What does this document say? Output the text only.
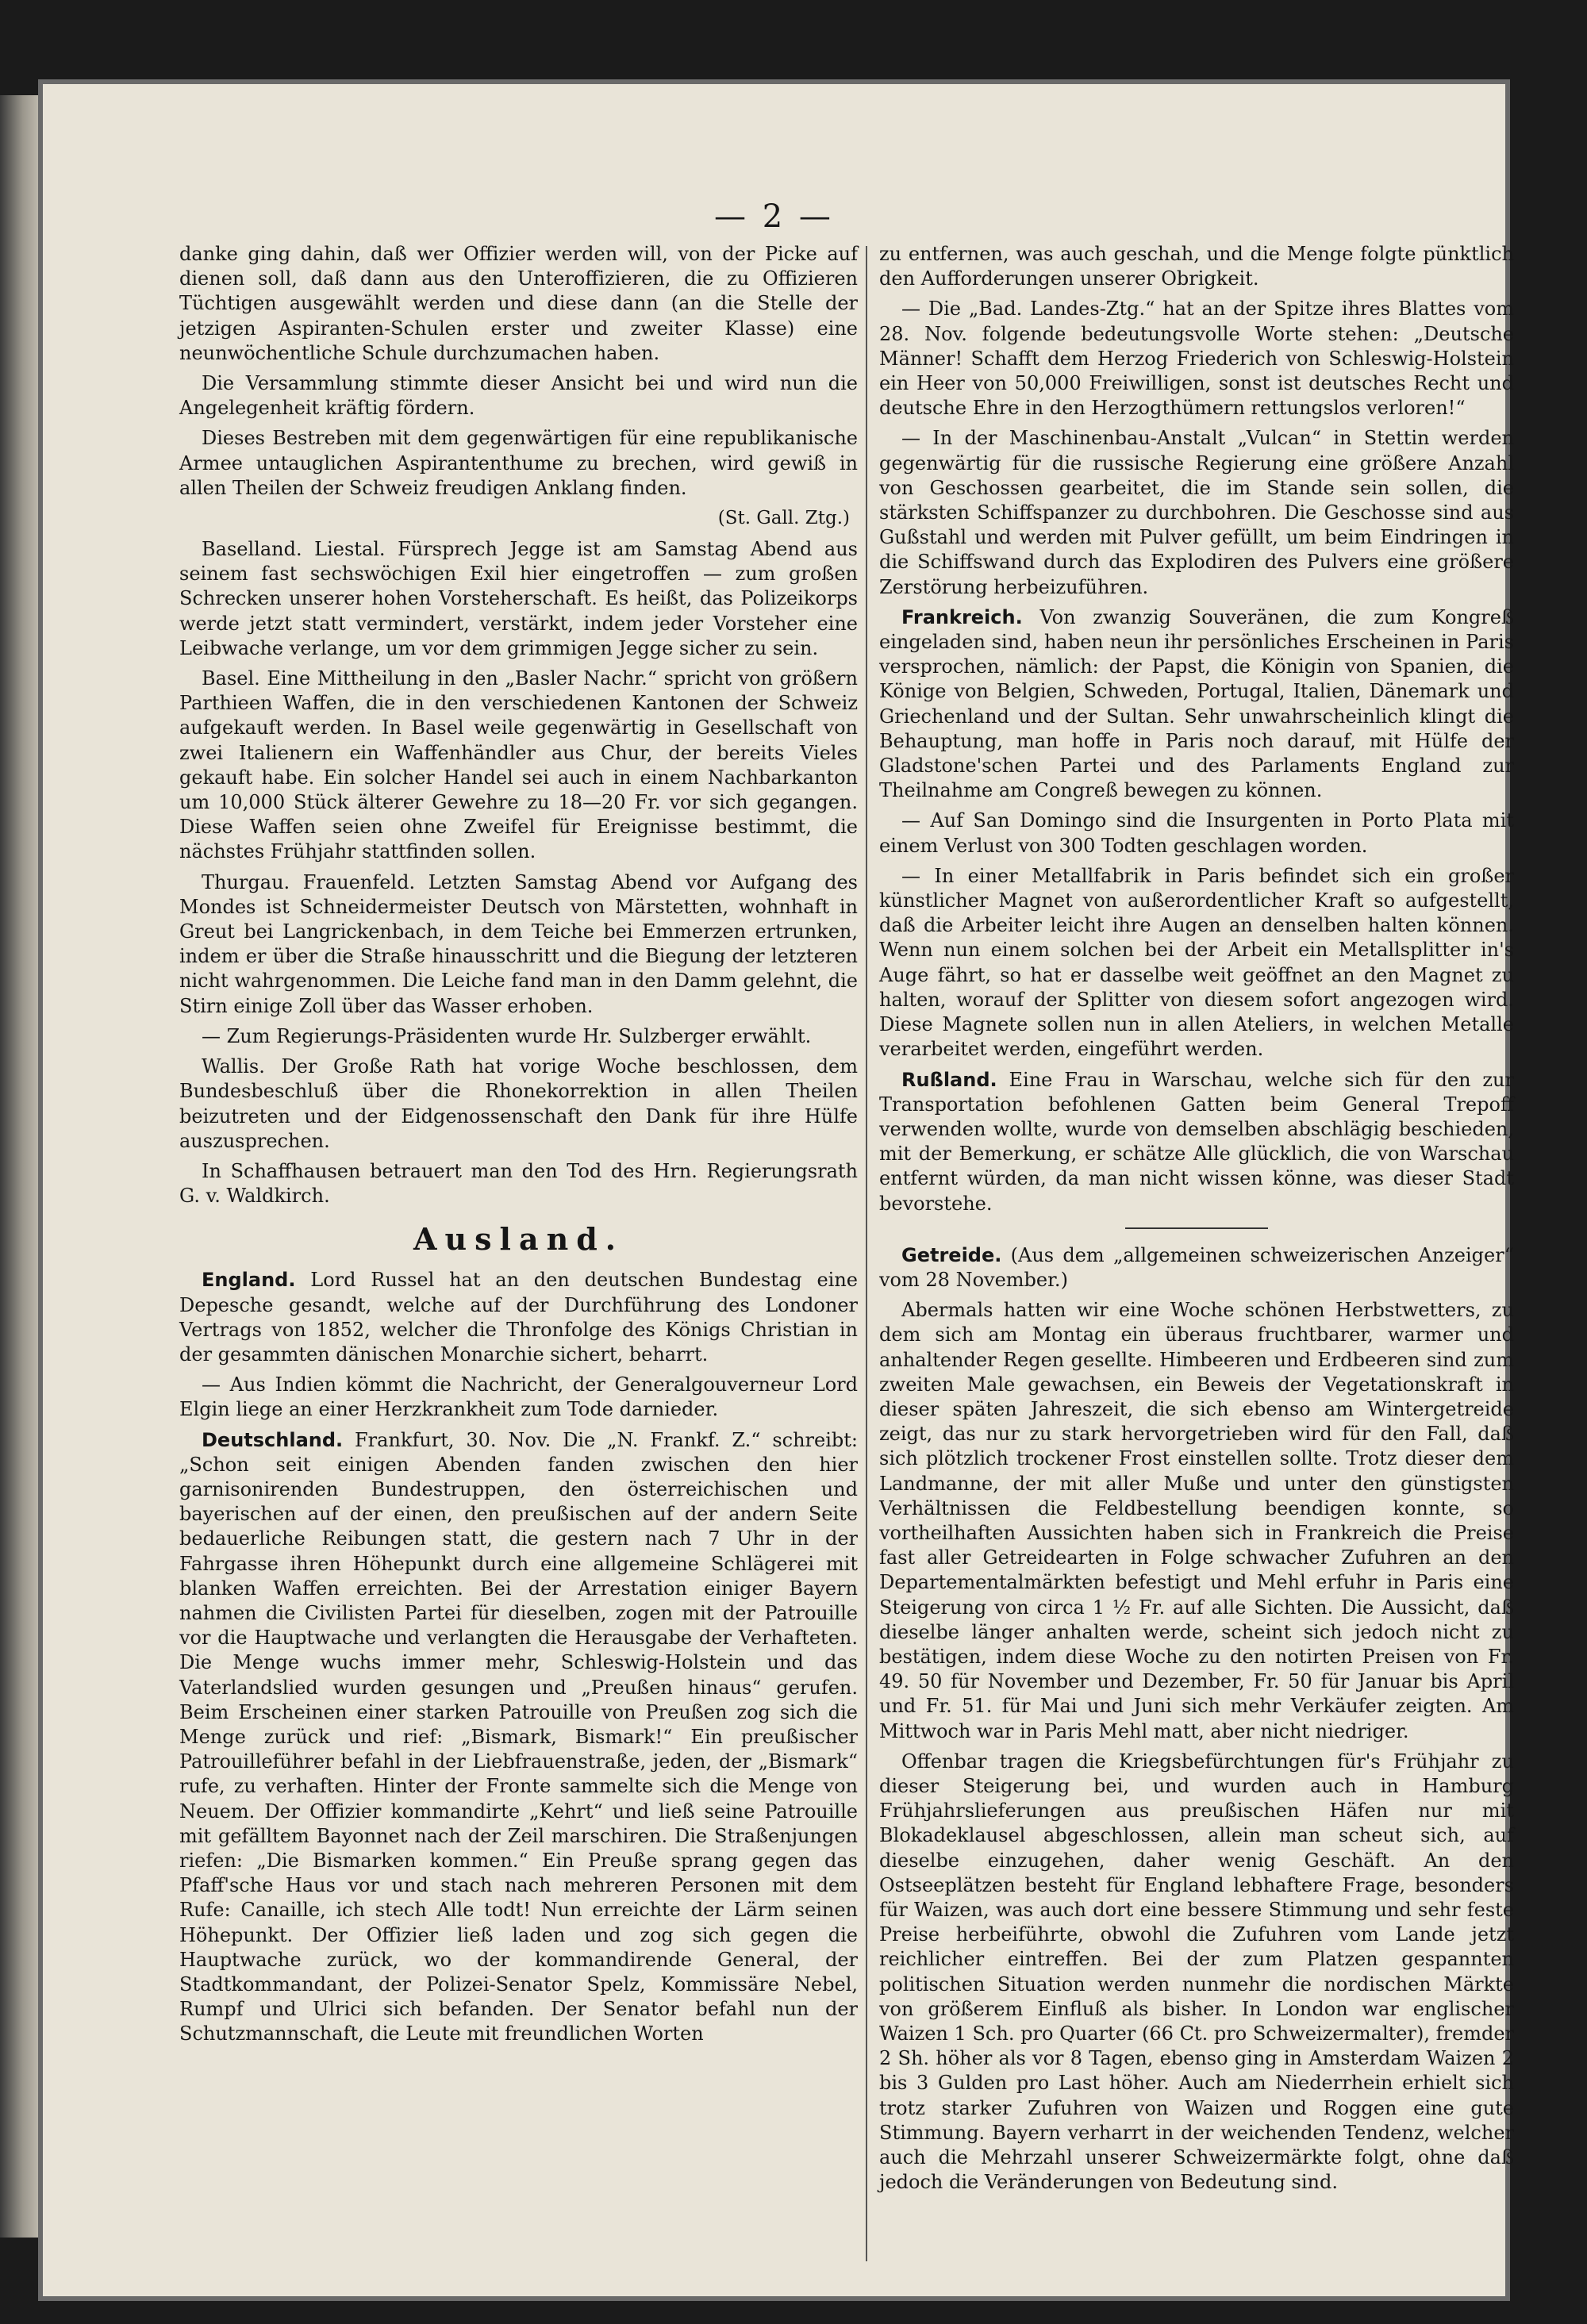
— 2 —

danke ging dahin, daß wer Offizier werden will, von der Picke auf dienen soll, daß dann aus den Unteroffizieren, die zu Offizieren Tüchtigen ausgewählt werden und diese dann (an die Stelle der jetzigen Aspiranten-Schulen erster und zweiter Klasse) eine neunwöchentliche Schule durchzumachen haben.

Die Versammlung stimmte dieser Ansicht bei und wird nun die Angelegenheit kräftig fördern.

Dieses Bestreben mit dem gegenwärtigen für eine republikanische Armee untauglichen Aspirantenthume zu brechen, wird gewiß in allen Theilen der Schweiz freudigen Anklang finden.

(St. Gall. Ztg.)

Baselland. Liestal. Fürsprech Jegge ist am Samstag Abend aus seinem fast sechswöchigen Exil hier eingetroffen — zum großen Schrecken unserer hohen Vorsteherschaft. Es heißt, das Polizeikorps werde jetzt statt vermindert, verstärkt, indem jeder Vorsteher eine Leibwache verlange, um vor dem grimmigen Jegge sicher zu sein.

Basel. Eine Mittheilung in den „Basler Nachr.“ spricht von größern Parthieen Waffen, die in den verschiedenen Kantonen der Schweiz aufgekauft werden. In Basel weile gegenwärtig in Gesellschaft von zwei Italienern ein Waffenhändler aus Chur, der bereits Vieles gekauft habe. Ein solcher Handel sei auch in einem Nachbarkanton um 10,000 Stück älterer Gewehre zu 18—20 Fr. vor sich gegangen. Diese Waffen seien ohne Zweifel für Ereignisse bestimmt, die nächstes Frühjahr stattfinden sollen.

Thurgau. Frauenfeld. Letzten Samstag Abend vor Aufgang des Mondes ist Schneidermeister Deutsch von Märstetten, wohnhaft in Greut bei Langrickenbach, in dem Teiche bei Emmerzen ertrunken, indem er über die Straße hinausschritt und die Biegung der letzteren nicht wahrgenommen. Die Leiche fand man in den Damm gelehnt, die Stirn einige Zoll über das Wasser erhoben.

— Zum Regierungs-Präsidenten wurde Hr. Sulzberger erwählt.

Wallis. Der Große Rath hat vorige Woche beschlossen, dem Bundesbeschluß über die Rhonekorrektion in allen Theilen beizutreten und der Eidgenossenschaft den Dank für ihre Hülfe auszusprechen.

In Schaffhausen betrauert man den Tod des Hrn. Regierungsrath G. v. Waldkirch.

Ausland.

England. Lord Russel hat an den deutschen Bundestag eine Depesche gesandt, welche auf der Durchführung des Londoner Vertrags von 1852, welcher die Thronfolge des Königs Christian in der gesammten dänischen Monarchie sichert, beharrt.

— Aus Indien kömmt die Nachricht, der Generalgouverneur Lord Elgin liege an einer Herzkrankheit zum Tode darnieder.

Deutschland. Frankfurt, 30. Nov. Die „N. Frankf. Z.“ schreibt: „Schon seit einigen Abenden fanden zwischen den hier garnisonirenden Bundestruppen, den österreichischen und bayerischen auf der einen, den preußischen auf der andern Seite bedauerliche Reibungen statt, die gestern nach 7 Uhr in der Fahrgasse ihren Höhepunkt durch eine allgemeine Schlägerei mit blanken Waffen erreichten. Bei der Arrestation einiger Bayern nahmen die Civilisten Partei für dieselben, zogen mit der Patrouille vor die Hauptwache und verlangten die Herausgabe der Verhafteten. Die Menge wuchs immer mehr, Schleswig-Holstein und das Vaterlandslied wurden gesungen und „Preußen hinaus“ gerufen. Beim Erscheinen einer starken Patrouille von Preußen zog sich die Menge zurück und rief: „Bismark, Bismark!“ Ein preußischer Patrouilleführer befahl in der Liebfrauenstraße, jeden, der „Bismark“ rufe, zu verhaften. Hinter der Fronte sammelte sich die Menge von Neuem. Der Offizier kommandirte „Kehrt“ und ließ seine Patrouille mit gefälltem Bayonnet nach der Zeil marschiren. Die Straßenjungen riefen: „Die Bismarken kommen.“ Ein Preuße sprang gegen das Pfaff'sche Haus vor und stach nach mehreren Personen mit dem Rufe: Canaille, ich stech Alle todt! Nun erreichte der Lärm seinen Höhepunkt. Der Offizier ließ laden und zog sich gegen die Hauptwache zurück, wo der kommandirende General, der Stadtkommandant, der Polizei-Senator Spelz, Kommissäre Nebel, Rumpf und Ulrici sich befanden. Der Senator befahl nun der Schutzmannschaft, die Leute mit freundlichen Worten

zu entfernen, was auch geschah, und die Menge folgte pünktlich den Aufforderungen unserer Obrigkeit.

— Die „Bad. Landes-Ztg.“ hat an der Spitze ihres Blattes vom 28. Nov. folgende bedeutungsvolle Worte stehen: „Deutsche Männer! Schafft dem Herzog Friederich von Schleswig-Holstein ein Heer von 50,000 Freiwilligen, sonst ist deutsches Recht und deutsche Ehre in den Herzogthümern rettungslos verloren!“

— In der Maschinenbau-Anstalt „Vulcan“ in Stettin werden gegenwärtig für die russische Regierung eine größere Anzahl von Geschossen gearbeitet, die im Stande sein sollen, die stärksten Schiffspanzer zu durchbohren. Die Geschosse sind aus Gußstahl und werden mit Pulver gefüllt, um beim Eindringen in die Schiffswand durch das Explodiren des Pulvers eine größere Zerstörung herbeizuführen.

Frankreich. Von zwanzig Souveränen, die zum Kongreß eingeladen sind, haben neun ihr persönliches Erscheinen in Paris versprochen, nämlich: der Papst, die Königin von Spanien, die Könige von Belgien, Schweden, Portugal, Italien, Dänemark und Griechenland und der Sultan. Sehr unwahrscheinlich klingt die Behauptung, man hoffe in Paris noch darauf, mit Hülfe der Gladstone'schen Partei und des Parlaments England zur Theilnahme am Congreß bewegen zu können.

— Auf San Domingo sind die Insurgenten in Porto Plata mit einem Verlust von 300 Todten geschlagen worden.

— In einer Metallfabrik in Paris befindet sich ein großer künstlicher Magnet von außerordentlicher Kraft so aufgestellt, daß die Arbeiter leicht ihre Augen an denselben halten können. Wenn nun einem solchen bei der Arbeit ein Metallsplitter in's Auge fährt, so hat er dasselbe weit geöffnet an den Magnet zu halten, worauf der Splitter von diesem sofort angezogen wird. Diese Magnete sollen nun in allen Ateliers, in welchen Metalle verarbeitet werden, eingeführt werden.

Rußland. Eine Frau in Warschau, welche sich für den zur Transportation befohlenen Gatten beim General Trepoff verwenden wollte, wurde von demselben abschlägig beschieden, mit der Bemerkung, er schätze Alle glücklich, die von Warschau entfernt würden, da man nicht wissen könne, was dieser Stadt bevorstehe.

Getreide. (Aus dem „allgemeinen schweizerischen Anzeiger“ vom 28 November.)

Abermals hatten wir eine Woche schönen Herbstwetters, zu dem sich am Montag ein überaus fruchtbarer, warmer und anhaltender Regen gesellte. Himbeeren und Erdbeeren sind zum zweiten Male gewachsen, ein Beweis der Vegetationskraft in dieser späten Jahreszeit, die sich ebenso am Wintergetreide zeigt, das nur zu stark hervorgetrieben wird für den Fall, daß sich plötzlich trockener Frost einstellen sollte. Trotz dieser dem Landmanne, der mit aller Muße und unter den günstigsten Verhältnissen die Feldbestellung beendigen konnte, so vortheilhaften Aussichten haben sich in Frankreich die Preise fast aller Getreidearten in Folge schwacher Zufuhren an den Departementalmärkten befestigt und Mehl erfuhr in Paris eine Steigerung von circa 1 ½ Fr. auf alle Sichten. Die Aussicht, daß dieselbe länger anhalten werde, scheint sich jedoch nicht zu bestätigen, indem diese Woche zu den notirten Preisen von Fr. 49. 50 für November und Dezember, Fr. 50 für Januar bis April und Fr. 51. für Mai und Juni sich mehr Verkäufer zeigten. Am Mittwoch war in Paris Mehl matt, aber nicht niedriger.

Offenbar tragen die Kriegsbefürchtungen für's Frühjahr zu dieser Steigerung bei, und wurden auch in Hamburg Frühjahrslieferungen aus preußischen Häfen nur mit Blokadeklausel abgeschlossen, allein man scheut sich, auf dieselbe einzugehen, daher wenig Geschäft. An den Ostseeplätzen besteht für England lebhaftere Frage, besonders für Waizen, was auch dort eine bessere Stimmung und sehr feste Preise herbeiführte, obwohl die Zufuhren vom Lande jetzt reichlicher eintreffen. Bei der zum Platzen gespannten politischen Situation werden nunmehr die nordischen Märkte von größerem Einfluß als bisher. In London war englischer Waizen 1 Sch. pro Quarter (66 Ct. pro Schweizermalter), fremder 2 Sh. höher als vor 8 Tagen, ebenso ging in Amsterdam Waizen 2 bis 3 Gulden pro Last höher. Auch am Niederrhein erhielt sich trotz starker Zufuhren von Waizen und Roggen eine gute Stimmung. Bayern verharrt in der weichenden Tendenz, welcher auch die Mehrzahl unserer Schweizermärkte folgt, ohne daß jedoch die Veränderungen von Bedeutung sind.
